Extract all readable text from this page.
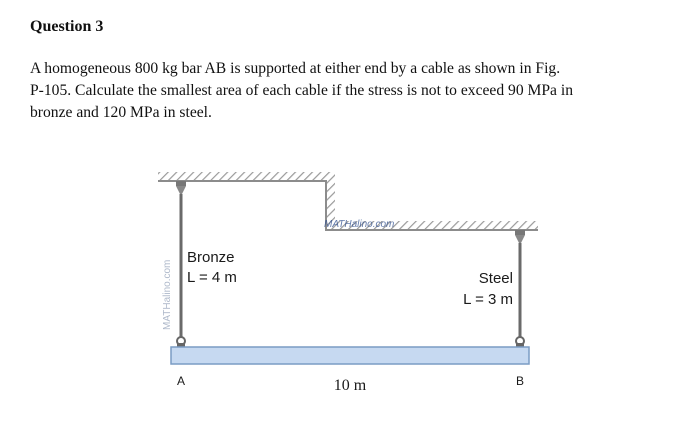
Question 3

A homogeneous 800 kg bar AB is supported at either end by a cable as shown in Fig.

P-105. Calculate the smallest area of each cable if the stress is not to exceed 90 MPa in

bronze and 120 MPa in steel.

MATHalino.com
Bronze
L = 4 m	Steel
L = 3 m
A	B
10 m
MATHalino.com
